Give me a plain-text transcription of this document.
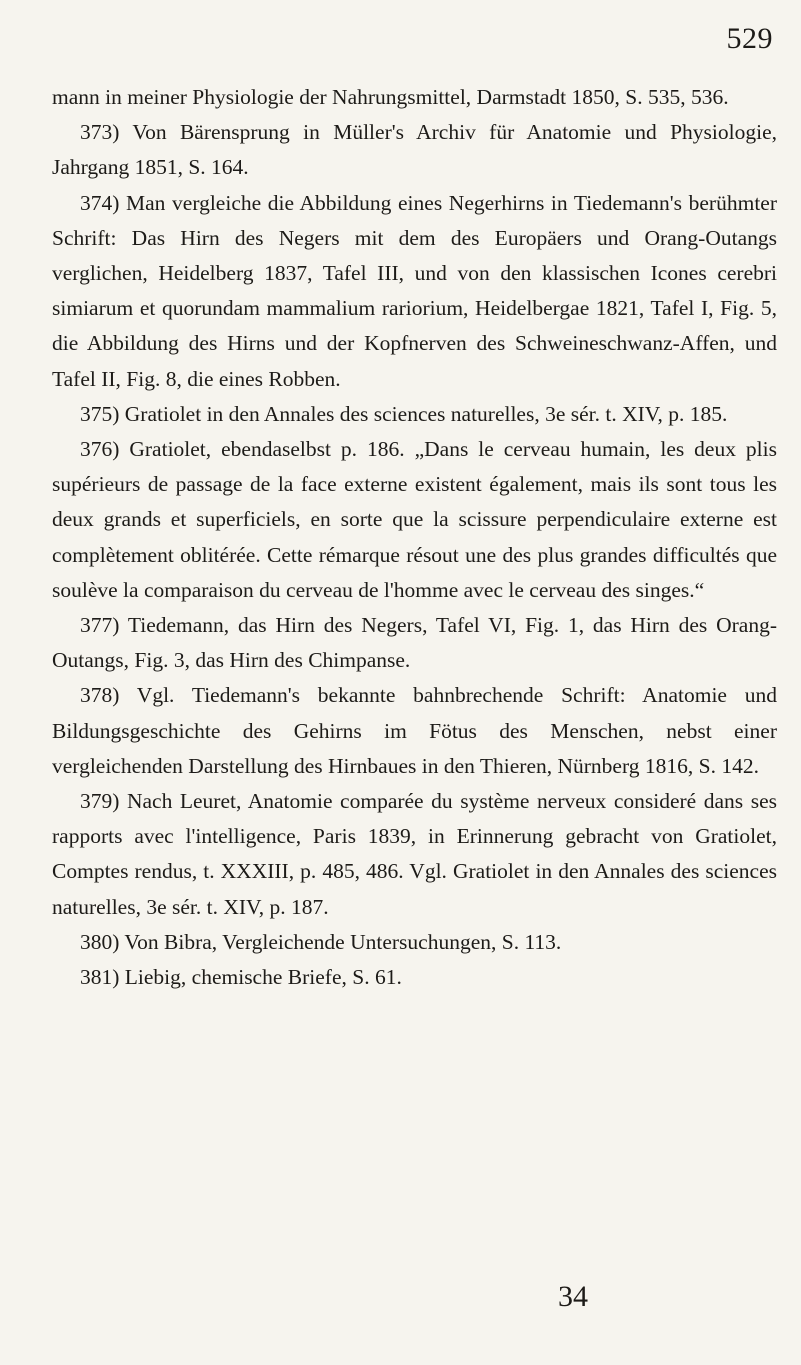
529

mann in meiner Physiologie der Nahrungsmittel, Darmstadt 1850, S. 535, 536.

373) Von Bärensprung in Müller's Archiv für Anatomie und Physiologie, Jahrgang 1851, S. 164.

374) Man vergleiche die Abbildung eines Negerhirns in Tiedemann's berühmter Schrift: Das Hirn des Negers mit dem des Europäers und Orang-Outangs verglichen, Heidelberg 1837, Tafel III, und von den klassischen Icones cerebri simiarum et quorundam mammalium rariorium, Heidelbergae 1821, Tafel I, Fig. 5, die Abbildung des Hirns und der Kopfnerven des Schweineschwanz-Affen, und Tafel II, Fig. 8, die eines Robben.

375) Gratiolet in den Annales des sciences naturelles, 3e sér. t. XIV, p. 185.

376) Gratiolet, ebendaselbst p. 186. „Dans le cerveau humain, les deux plis supérieurs de passage de la face externe existent également, mais ils sont tous les deux grands et superficiels, en sorte que la scissure perpendiculaire externe est complètement oblitérée. Cette rémarque résout une des plus grandes difficultés que soulève la comparaison du cerveau de l'homme avec le cerveau des singes.“

377) Tiedemann, das Hirn des Negers, Tafel VI, Fig. 1, das Hirn des Orang-Outangs, Fig. 3, das Hirn des Chimpanse.

378) Vgl. Tiedemann's bekannte bahnbrechende Schrift: Anatomie und Bildungsgeschichte des Gehirns im Fötus des Menschen, nebst einer vergleichenden Darstellung des Hirnbaues in den Thieren, Nürnberg 1816, S. 142.

379) Nach Leuret, Anatomie comparée du système nerveux consideré dans ses rapports avec l'intelligence, Paris 1839, in Erinnerung gebracht von Gratiolet, Comptes rendus, t. XXXIII, p. 485, 486. Vgl. Gratiolet in den Annales des sciences naturelles, 3e sér. t. XIV, p. 187.

380) Von Bibra, Vergleichende Untersuchungen, S. 113.

381) Liebig, chemische Briefe, S. 61.

34
